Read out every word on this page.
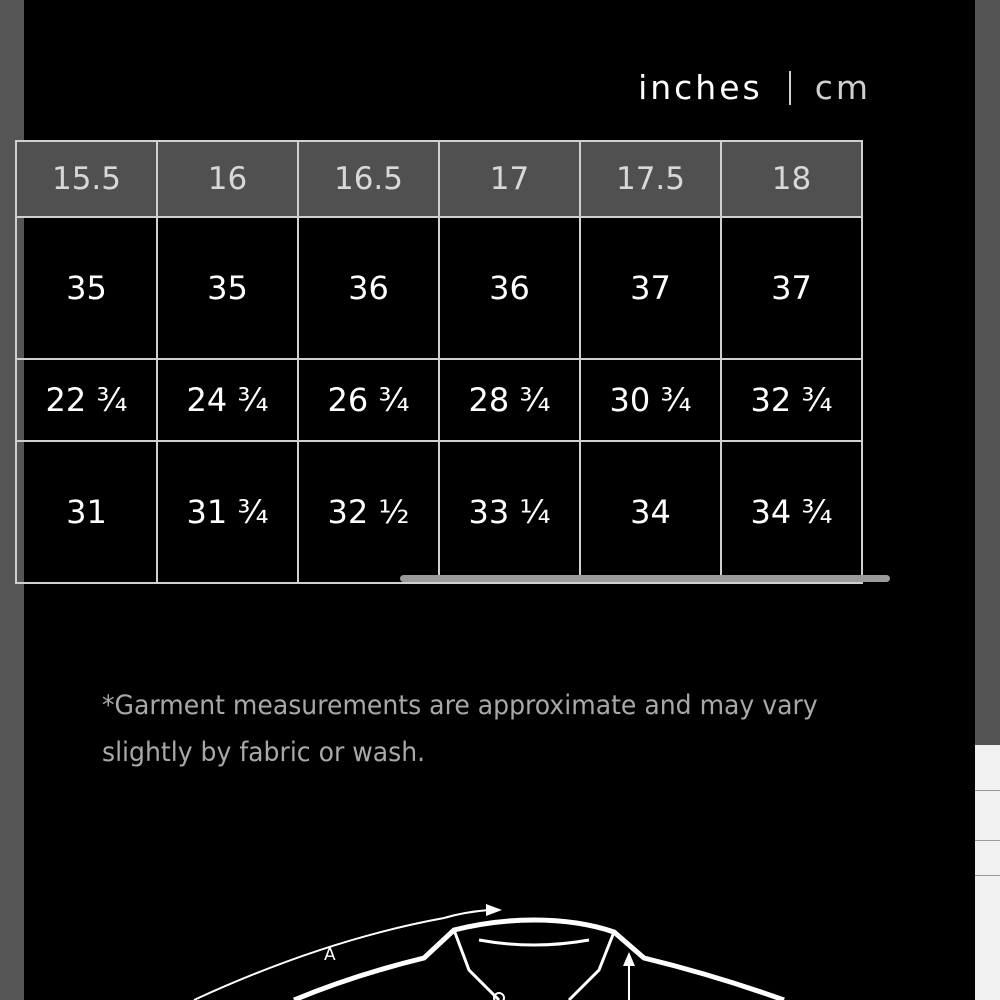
inches cm
15.5	16	16.5	17	17.5	18
35	35	36	36	37	37
22 ¾	24 ¾	26 ¾	28 ¾	30 ¾	32 ¾
31	31 ¾	32 ½	33 ¼	34	34 ¾
*Garment measurements are approximate and may vary
slightly by fabric or wash.
A
